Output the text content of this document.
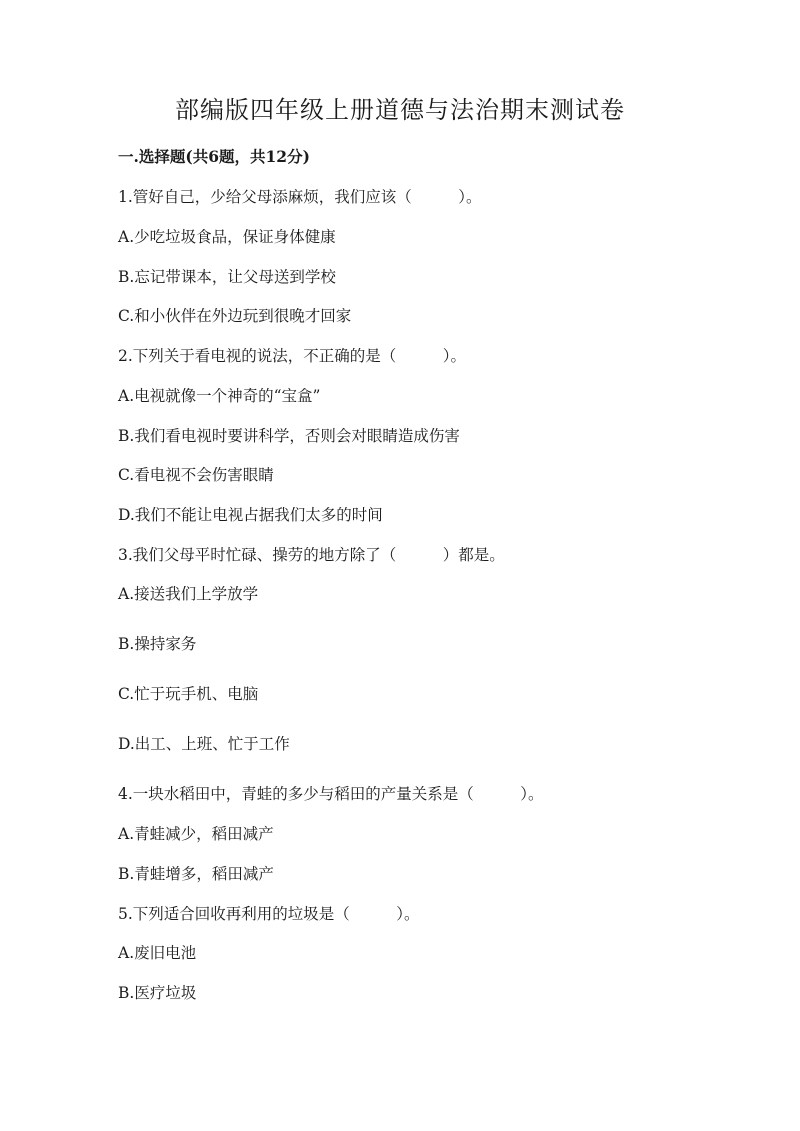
部编版四年级上册道德与法治期末测试卷
一.选择题(共6题，共12分)
1.管好自己，少给父母添麻烦，我们应该（　　　）。
A.少吃垃圾食品，保证身体健康
B.忘记带课本，让父母送到学校
C.和小伙伴在外边玩到很晚才回家
2.下列关于看电视的说法，不正确的是（　　　）。
A.电视就像一个神奇的“宝盒”
B.我们看电视时要讲科学，否则会对眼睛造成伤害
C.看电视不会伤害眼睛
D.我们不能让电视占据我们太多的时间
3.我们父母平时忙碌、操劳的地方除了（　　　）都是。
A.接送我们上学放学
B.操持家务
C.忙于玩手机、电脑
D.出工、上班、忙于工作
4.一块水稻田中，青蛙的多少与稻田的产量关系是（　　　）。
A.青蛙减少，稻田减产
B.青蛙增多，稻田减产
5.下列适合回收再利用的垃圾是（　　　）。
A.废旧电池
B.医疗垃圾
